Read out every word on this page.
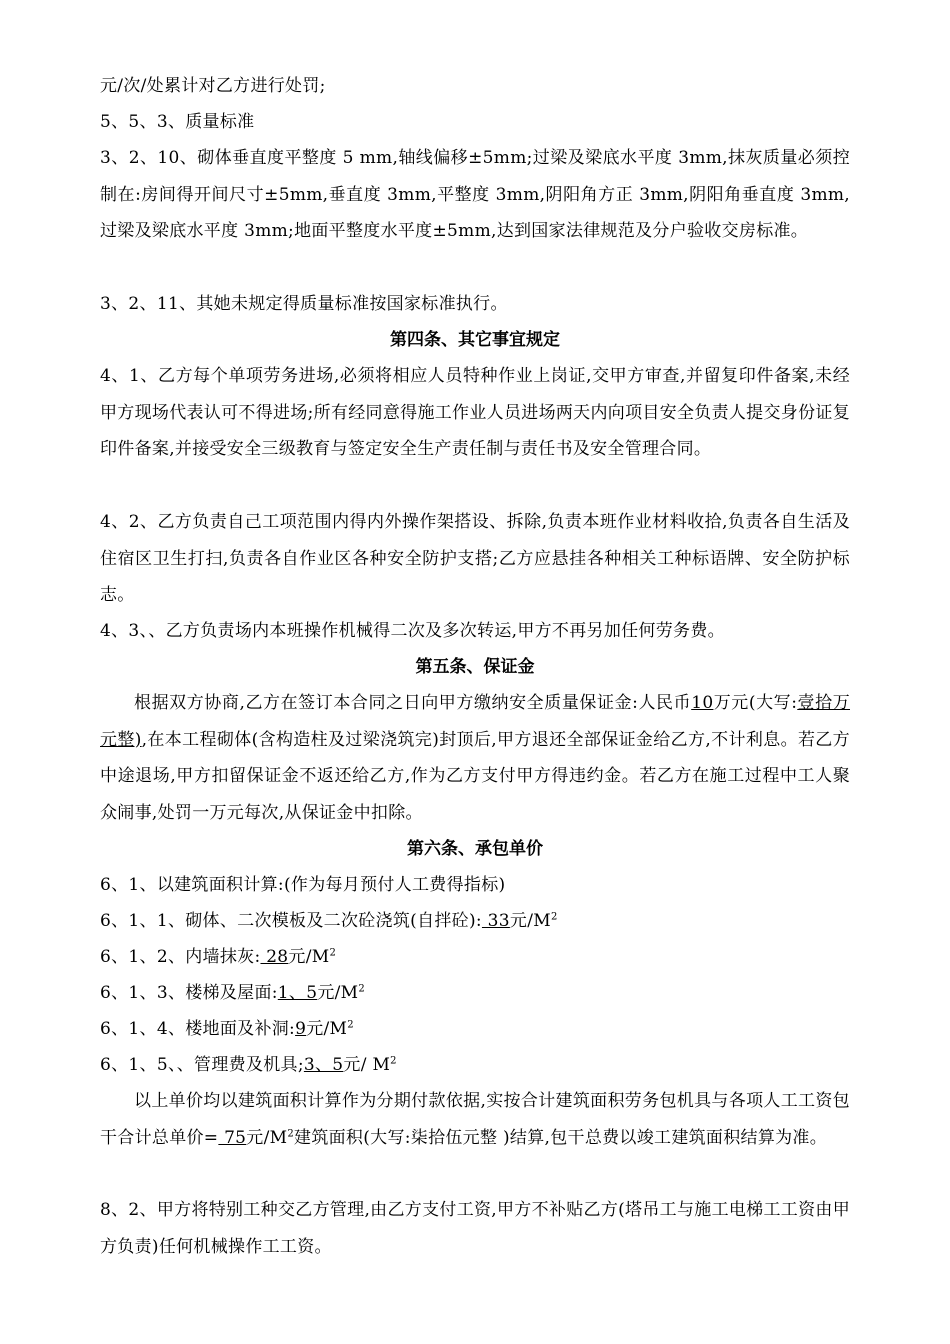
元/次/处累计对乙方进行处罚;
5、5、3、质量标准
3、2、10、砌体垂直度平整度 5 mm,轴线偏移±5mm;过梁及梁底水平度 3mm,抹灰质量必须控制在:房间得开间尺寸±5mm,垂直度 3mm,平整度 3mm,阴阳角方正 3mm,阴阳角垂直度 3mm,过梁及梁底水平度 3mm;地面平整度水平度±5mm,达到国家法律规范及分户验收交房标准。
3、2、11、其她未规定得质量标准按国家标准执行。
第四条、其它事宜规定
4、1、乙方每个单项劳务进场,必须将相应人员特种作业上岗证,交甲方审查,并留复印件备案,未经甲方现场代表认可不得进场;所有经同意得施工作业人员进场两天内向项目安全负责人提交身份证复印件备案,并接受安全三级教育与签定安全生产责任制与责任书及安全管理合同。
4、2、乙方负责自己工项范围内得内外操作架搭设、拆除,负责本班作业材料收拾,负责各自生活及住宿区卫生打扫,负责各自作业区各种安全防护支搭;乙方应悬挂各种相关工种标语牌、安全防护标志。
4、3、、乙方负责场内本班操作机械得二次及多次转运,甲方不再另加任何劳务费。
第五条、保证金
根据双方协商,乙方在签订本合同之日向甲方缴纳安全质量保证金:人民币10万元(大写:壹拾万元整),在本工程砌体(含构造柱及过梁浇筑完)封顶后,甲方退还全部保证金给乙方,不计利息。若乙方中途退场,甲方扣留保证金不返还给乙方,作为乙方支付甲方得违约金。若乙方在施工过程中工人聚众闹事,处罚一万元每次,从保证金中扣除。
第六条、承包单价
6、1、以建筑面积计算:(作为每月预付人工费得指标)
6、1、1、砌体、二次模板及二次砼浇筑(自拌砼): 33元$/M^2$
6、1、2、内墙抹灰: 28元$/M^2$
6、1、3、楼梯及屋面:1、5元$/M^2$
6、1、4、楼地面及补洞:9元$/M^2$
6、1、5、、管理费及机具;3、5元/ $M^2$
以上单价均以建筑面积计算作为分期付款依据,实按合计建筑面积劳务包机具与各项人工工资包干合计总单价= 75元$/M^2$建筑面积(大写:柒拾伍元整 )结算,包干总费以竣工建筑面积结算为准。
8、2、甲方将特别工种交乙方管理,由乙方支付工资,甲方不补贴乙方(塔吊工与施工电梯工工资由甲方负责)任何机械操作工工资。
